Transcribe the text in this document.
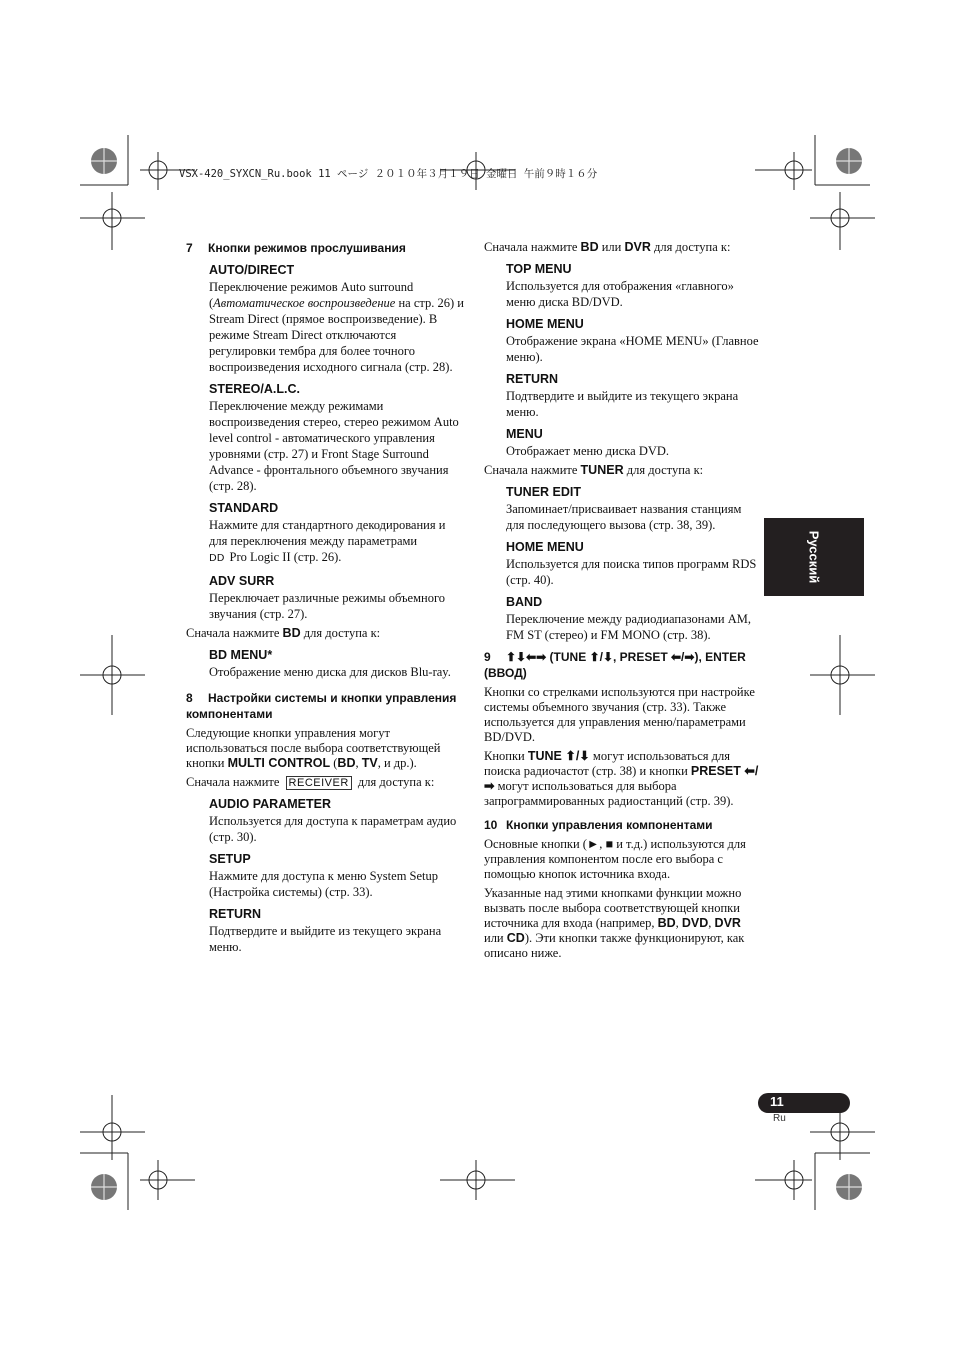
VSX-420_SYXCN_Ru.book 11 ページ ２０１０年３月１９日 金曜日 午前９時１６分
7 Кнопки режимов прослушивания
AUTO/DIRECT
Переключение режимов Auto surround (Автоматическое воспроизведение на стр. 26) и Stream Direct (прямое воспроизведение). В режиме Stream Direct отключаются регулировки тембра для более точного воспроизведения исходного сигнала (стр. 28).
STEREO/A.L.C.
Переключение между режимами воспроизведения стерео, стерео режимом Auto level control - автоматического управления уровнями (стр. 27) и Front Stage Surround Advance - фронтального объемного звучания (стр. 28).
STANDARD
Нажмите для стандартного декодирования и для переключения между параметрами
DD Pro Logic II (стр. 26).
ADV SURR
Переключает различные режимы объемного звучания (стр. 27).
Сначала нажмите BD для доступа к:
BD MENU*
Отображение меню диска для дисков Blu-ray.
8 Настройки системы и кнопки управления компонентами
Следующие кнопки управления могут использоваться после выбора соответствующей кнопки MULTI CONTROL (BD, TV, и др.).
Сначала нажмите RECEIVER для доступа к:
AUDIO PARAMETER
Используется для доступа к параметрам аудио (стр. 30).
SETUP
Нажмите для доступа к меню System Setup (Настройка системы) (стр. 33).
RETURN
Подтвердите и выйдите из текущего экрана меню.
Сначала нажмите BD или DVR для доступа к:
TOP MENU
Используется для отображения «главного» меню диска BD/DVD.
HOME MENU
Отображение экрана «HOME MENU» (Главное меню).
RETURN
Подтвердите и выйдите из текущего экрана меню.
MENU
Отображает меню диска DVD.
Сначала нажмите TUNER для доступа к:
TUNER EDIT
Запоминает/присваивает названия станциям для последующего вызова (стр. 38, 39).
HOME MENU
Используется для поиска типов программ RDS (стр. 40).
BAND
Переключение между радиодиапазонами AM, FM ST (стерео) и FM MONO (стр. 38).
9 ⬆⬇⬅➡ (TUNE ⬆/⬇, PRESET ⬅/➡), ENTER (ВВОД)
Кнопки со стрелками используются при настройке системы объемного звучания (стр. 33). Также используется для управления меню/параметрами BD/DVD.
Кнопки TUNE ⬆/⬇ могут использоваться для поиска радиочастот (стр. 38) и кнопки PRESET ⬅/➡ могут использоваться для выбора запрограммированных радиостанций (стр. 39).
10 Кнопки управления компонентами
Основные кнопки (►, ■ и т.д.) используются для управления компонентом после его выбора с помощью кнопок источника входа.
Указанные над этими кнопками функции можно вызвать после выбора соответствующей кнопки источника для входа (например, BD, DVD, DVR или CD). Эти кнопки также функционируют, как описано ниже.
Русский
11
Ru
